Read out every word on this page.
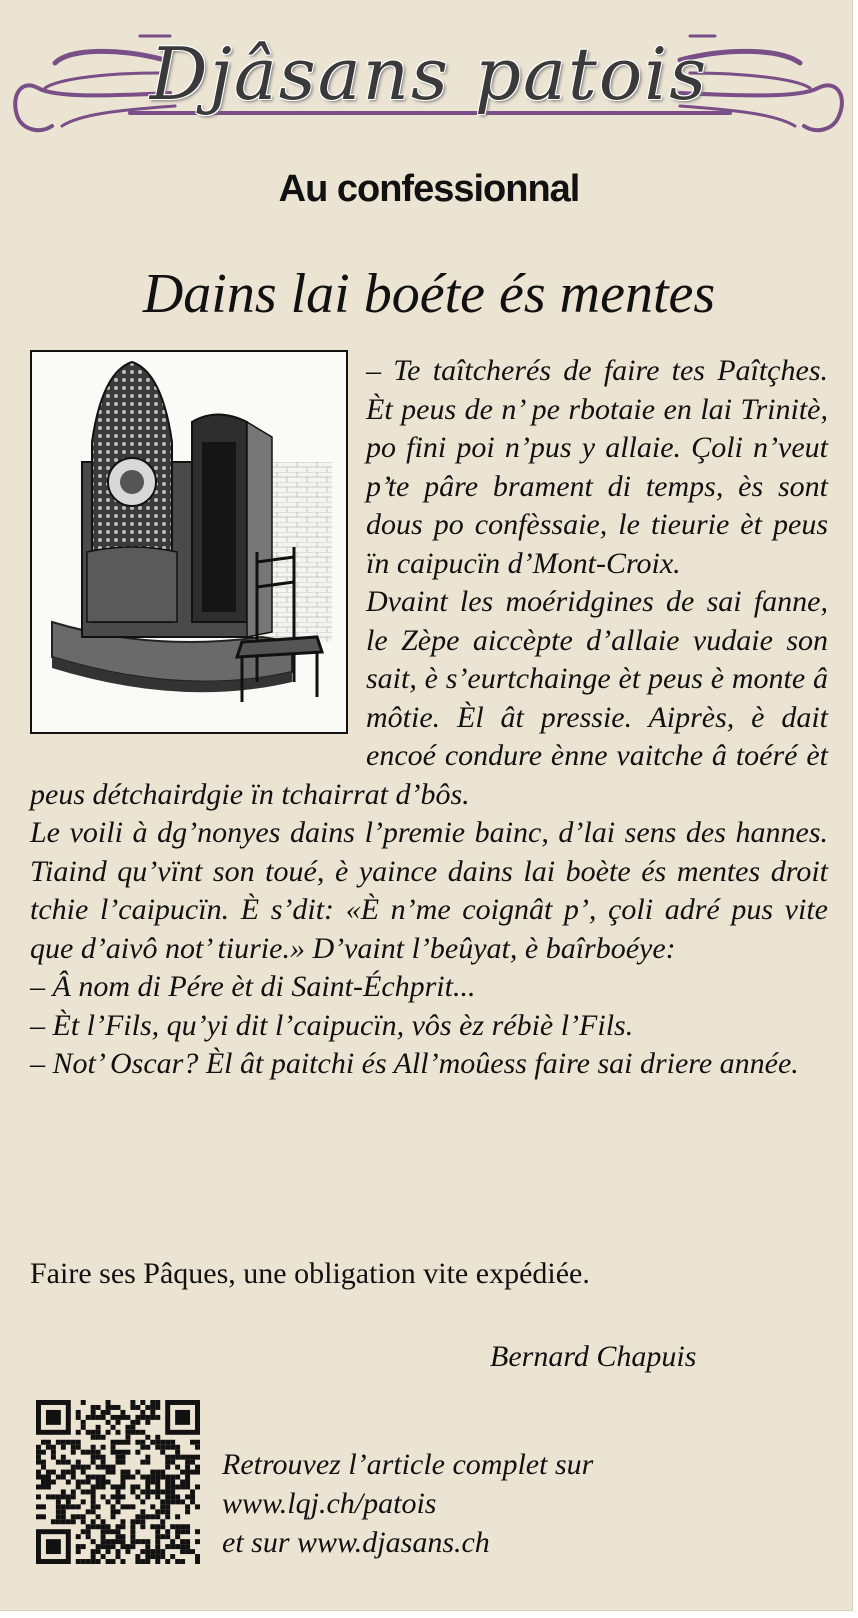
Djâsans patois
Au confessionnal
Dains lai boéte és mentes

– Te taîtcherés de faire tes Paîtçhes. Èt peus de n’ pe rbotaie en lai Trinitè, po fini poi n’pus y allaie. Çoli n’veut p’te pâre brament di temps, ès sont dous po confèssaie, le tieurie èt peus ïn caipucïn d’Mont-Croix.

Dvaint les moéridgines de sai fanne, le Zèpe aiccèpte d’allaie vudaie son sait, è s’eurtchainge èt peus è monte â môtie. Èl ât pressie. Aiprès, è dait encoé condure ènne vaitche â toéré èt peus détchairdgie ïn tchairrat d’bôs.

Le voili à dg’nonyes dains l’premie bainc, d’lai sens des hannes. Tiaind qu’vïnt son toué, è yaince dains lai boète és mentes droit tchie l’caipucïn. È s’dit: «È n’me coignât p’, çoli adré pus vite que d’aivô not’ tiurie.» D’vaint l’beûyat, è baîrboéye:

– Â nom di Pére èt di Saint-Échprit...

– Èt l’Fils, qu’yi dit l’caipucïn, vôs èz rébiè l’Fils.

– Not’ Oscar? Èl ât paitchi és All’moûess faire sai driere année.

Faire ses Pâques, une obligation vite expédiée.
Bernard Chapuis
Retrouvez l’article complet sur
www.lqj.ch/patois
et sur www.djasans.ch
